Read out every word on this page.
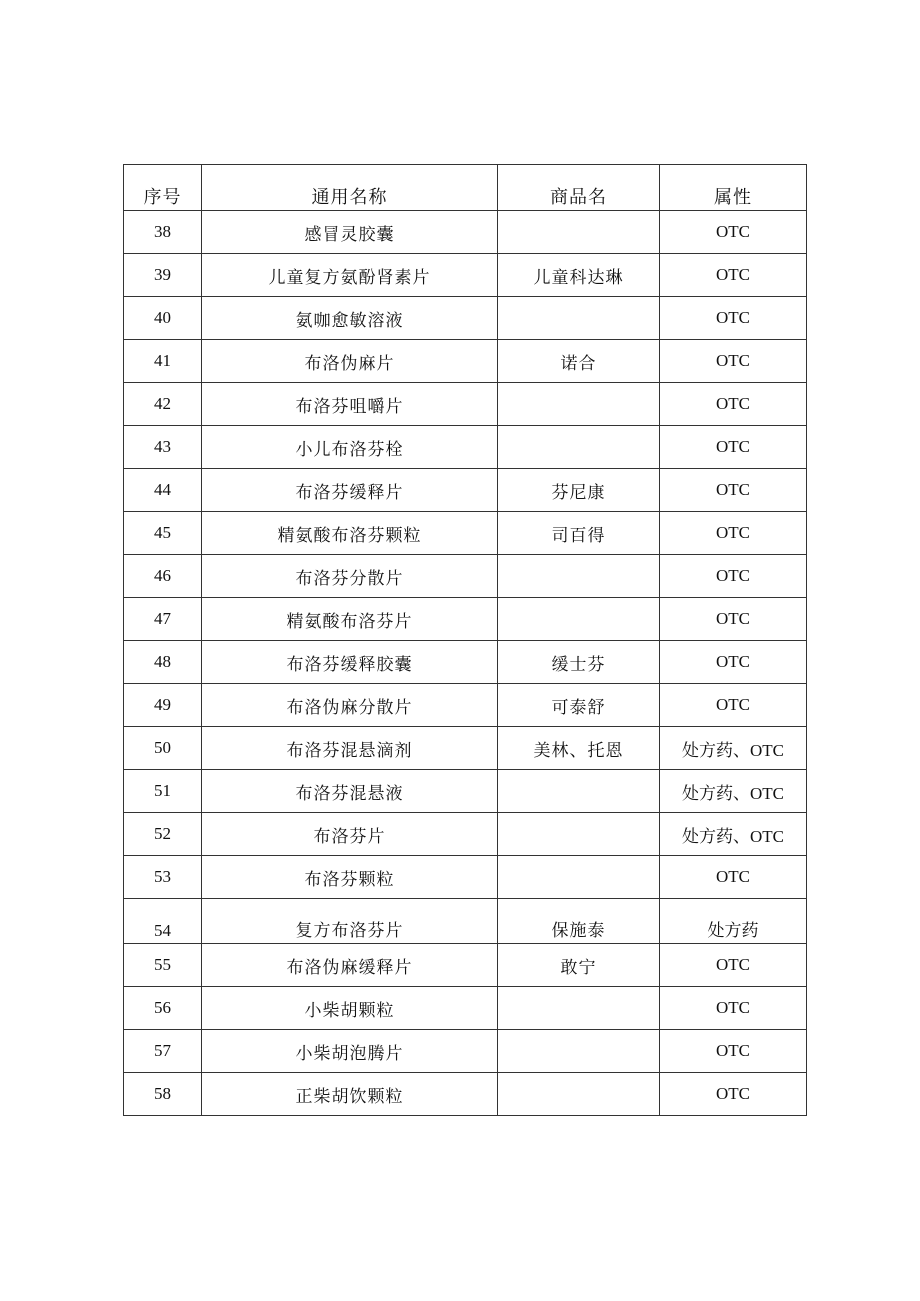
序号	通用名称	商品名	属性
38	感冒灵胶囊		OTC
39	儿童复方氨酚肾素片	儿童科达琳	OTC
40	氨咖愈敏溶液		OTC
41	布洛伪麻片	诺合	OTC
42	布洛芬咀嚼片		OTC
43	小儿布洛芬栓		OTC
44	布洛芬缓释片	芬尼康	OTC
45	精氨酸布洛芬颗粒	司百得	OTC
46	布洛芬分散片		OTC
47	精氨酸布洛芬片		OTC
48	布洛芬缓释胶囊	缓士芬	OTC
49	布洛伪麻分散片	可泰舒	OTC
50	布洛芬混悬滴剂	美林、托恩	处方药、OTC
51	布洛芬混悬液		处方药、OTC
52	布洛芬片		处方药、OTC
53	布洛芬颗粒		OTC
54	复方布洛芬片	保施泰	处方药
55	布洛伪麻缓释片	敢宁	OTC
56	小柴胡颗粒		OTC
57	小柴胡泡腾片		OTC
58	正柴胡饮颗粒		OTC
